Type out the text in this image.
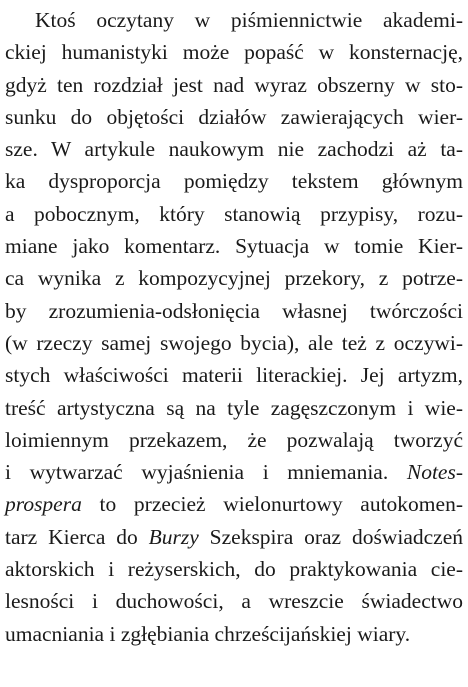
Ktoś oczytany w piśmiennictwie akademi-
ckiej humanistyki może popaść w konsternację,
gdyż ten rozdział jest nad wyraz obszerny w sto-
sunku do objętości działów zawierających wier-
sze. W artykule naukowym nie zachodzi aż ta-
ka dysproporcja pomiędzy tekstem głównym
a pobocznym, który stanowią przypisy, rozu-
miane jako komentarz. Sytuacja w tomie Kier-
ca wynika z kompozycyjnej przekory, z potrze-
by zrozumienia-odsłonięcia własnej twórczości
(w rzeczy samej swojego bycia), ale też z oczywi-
stych właściwości materii literackiej. Jej artyzm,
treść artystyczna są na tyle zagęszczonym i wie-
loimiennym przekazem, że pozwalają tworzyć
i wytwarzać wyjaśnienia i mniemania. Notes-
prospera to przecież wielonurtowy autokomen-
tarz Kierca do Burzy Szekspira oraz doświadczeń
aktorskich i reżyserskich, do praktykowania cie-
lesności i duchowości, a wreszcie świadectwo
umacniania i zgłębiania chrześcijańskiej wiary.
